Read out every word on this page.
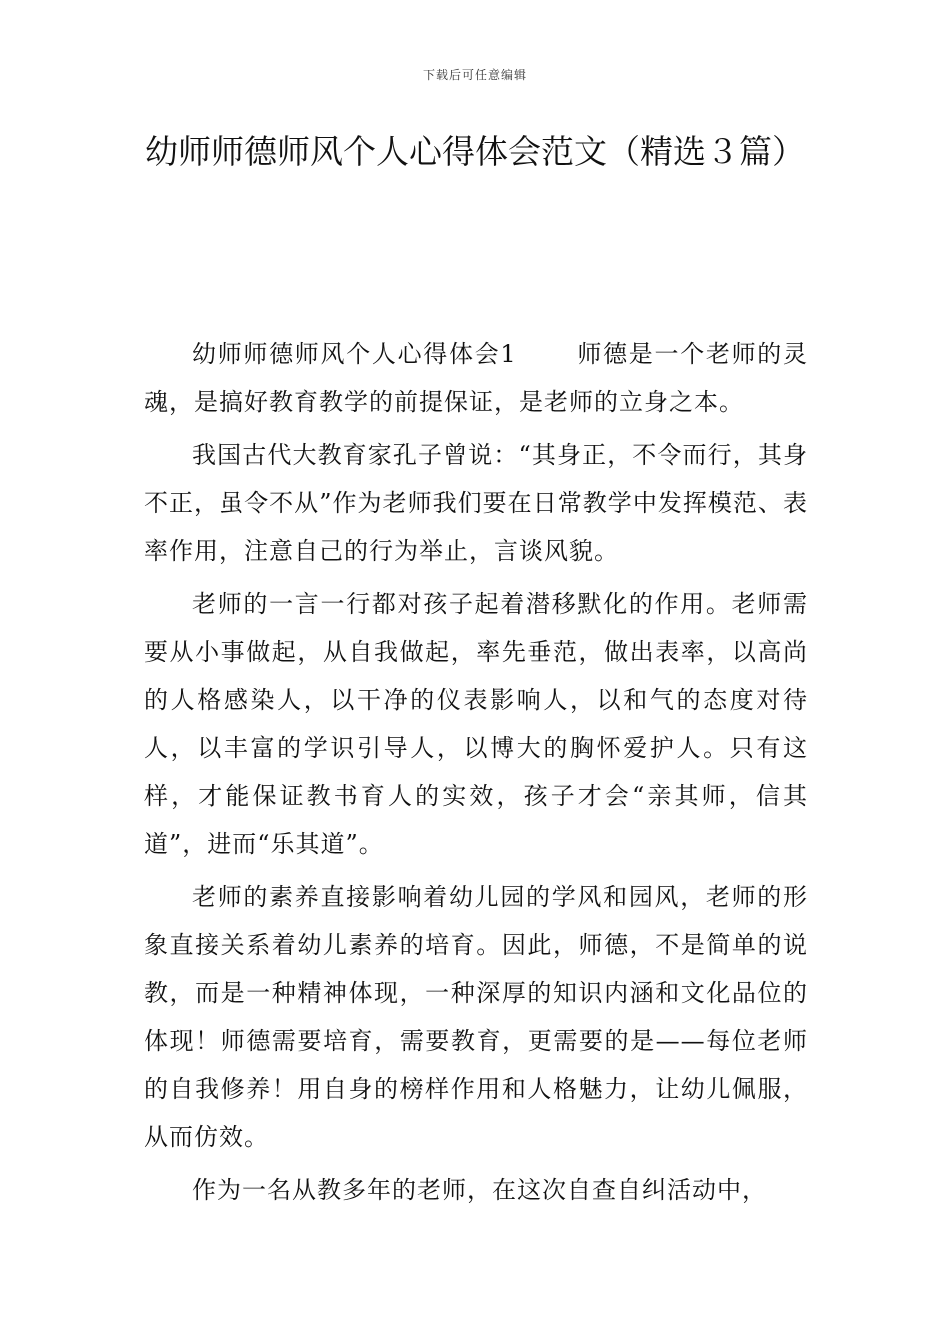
下载后可任意编辑
幼师师德师风个人心得体会范文（精选３篇）

幼师师德师风个人心得体会1	师德是一个老师的灵魂，是搞好教育教学的前提保证，是老师的立身之本。

我国古代大教育家孔子曾说：“其身正，不令而行，其身不正，虽令不从”作为老师我们要在日常教学中发挥模范、表率作用，注意自己的行为举止，言谈风貌。

老师的一言一行都对孩子起着潜移默化的作用。老师需要从小事做起，从自我做起，率先垂范，做出表率，以高尚的人格感染人，以干净的仪表影响人，以和气的态度对待人，以丰富的学识引导人，以博大的胸怀爱护人。只有这样，才能保证教书育人的实效，孩子才会“亲其师，信其道”，进而“乐其道”。

老师的素养直接影响着幼儿园的学风和园风，老师的形象直接关系着幼儿素养的培育。因此，师德，不是简单的说教，而是一种精神体现，一种深厚的知识内涵和文化品位的体现！师德需要培育，需要教育，更需要的是——每位老师的自我修养！用自身的榜样作用和人格魅力，让幼儿佩服，从而仿效。

作为一名从教多年的老师，在这次自查自纠活动中，
